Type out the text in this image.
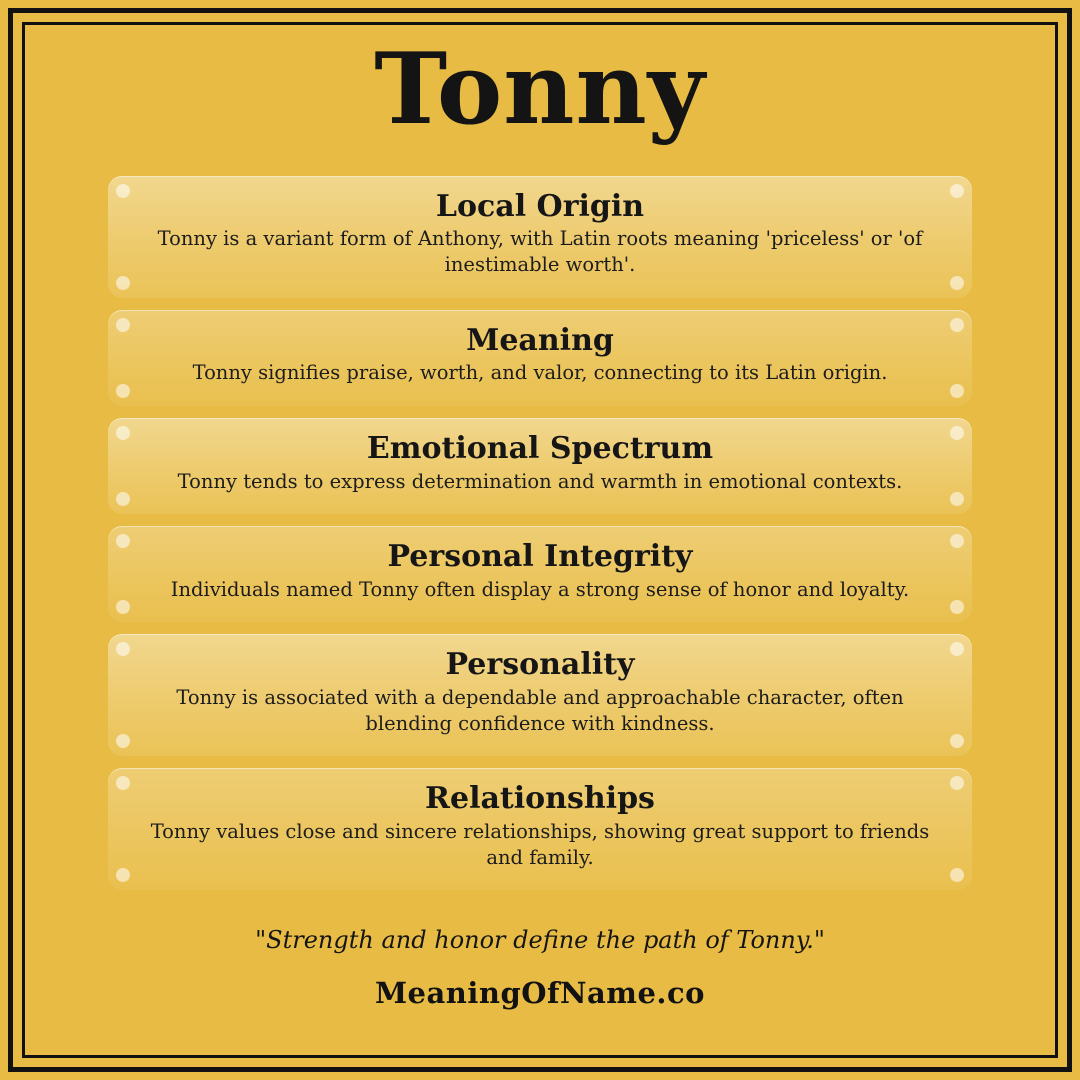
Tonny
Local Origin
Tonny is a variant form of Anthony, with Latin roots meaning 'priceless' or 'of inestimable worth'.
Meaning
Tonny signifies praise, worth, and valor, connecting to its Latin origin.
Emotional Spectrum
Tonny tends to express determination and warmth in emotional contexts.
Personal Integrity
Individuals named Tonny often display a strong sense of honor and loyalty.
Personality
Tonny is associated with a dependable and approachable character, often blending confidence with kindness.
Relationships
Tonny values close and sincere relationships, showing great support to friends and family.
"Strength and honor define the path of Tonny."
MeaningOfName.co
